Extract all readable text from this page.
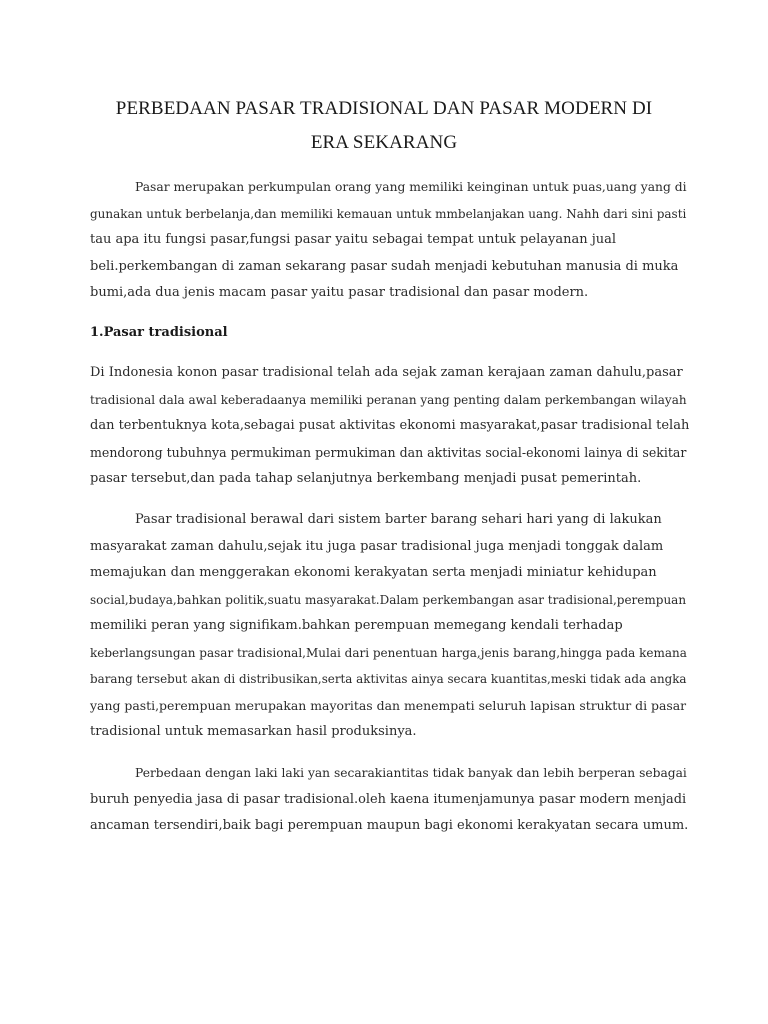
PERBEDAAN PASAR TRADISIONAL DAN PASAR MODERN DI
ERA SEKARANG
Pasar merupakan perkumpulan orang yang memiliki keinginan untuk puas,uang yang di
gunakan untuk berbelanja,dan memiliki kemauan untuk mmbelanjakan uang. Nahh dari sini pasti
tau apa itu fungsi pasar,fungsi pasar yaitu sebagai tempat untuk pelayanan jual
beli.perkembangan di zaman sekarang pasar sudah menjadi kebutuhan manusia di muka
bumi,ada dua jenis macam pasar yaitu pasar tradisional dan pasar modern.
1.Pasar tradisional
Di Indonesia konon pasar tradisional telah ada sejak zaman kerajaan zaman dahulu,pasar
tradisional dala awal keberadaanya memiliki peranan yang penting dalam perkembangan wilayah
dan terbentuknya kota,sebagai pusat aktivitas ekonomi masyarakat,pasar tradisional telah
mendorong tubuhnya permukiman permukiman dan aktivitas social-ekonomi lainya di sekitar
pasar tersebut,dan pada tahap selanjutnya berkembang menjadi pusat pemerintah.
Pasar tradisional berawal dari sistem barter barang sehari hari yang di lakukan
masyarakat zaman dahulu,sejak itu juga pasar tradisional juga menjadi tonggak dalam
memajukan dan menggerakan ekonomi kerakyatan serta menjadi miniatur kehidupan
social,budaya,bahkan politik,suatu masyarakat.Dalam perkembangan asar tradisional,perempuan
memiliki peran yang signifikam.bahkan perempuan memegang kendali terhadap
keberlangsungan pasar tradisional,Mulai dari penentuan harga,jenis barang,hingga pada kemana
barang tersebut akan di distribusikan,serta aktivitas ainya secara kuantitas,meski tidak ada angka
yang pasti,perempuan merupakan mayoritas dan menempati seluruh lapisan struktur di pasar
tradisional untuk memasarkan hasil produksinya.
Perbedaan dengan laki laki yan secarakiantitas tidak banyak dan lebih berperan sebagai
buruh penyedia jasa di pasar tradisional.oleh kaena itumenjamunya pasar modern menjadi
ancaman tersendiri,baik bagi perempuan maupun bagi ekonomi kerakyatan secara umum.
